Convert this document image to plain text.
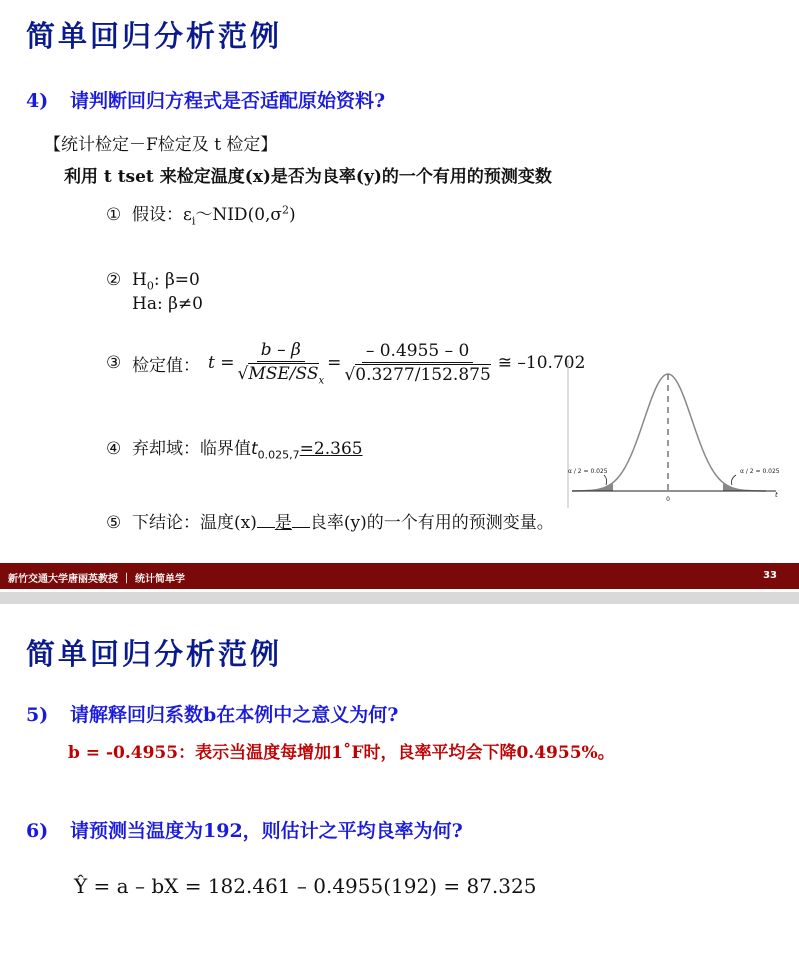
简单回归分析范例
4) 请判断回归方程式是否适配原始资料?
【统计检定－F检定及 t 检定】
利用 t tset 来检定温度(x)是否为良率(y)的一个有用的预测变数
① 假设：$\varepsilon_i\sim NID(0,\sigma^2)$
② $H_0$: β=0
Ha: β≠0
③ 检定值： $t = \frac{b - \beta}{√MSE/SS_x} = \frac{- 0.4955 - 0}{√0.3277/152.875}$ ≅ –10.702
④ 弃却域：临界值$t_{0.025,7}=2.365$
⑤ 下结论：温度(x) 是 良率(y)的一个有用的预测变量。
0
t
α / 2 = 0.025	α / 2 = 0.025
新竹交通大学唐丽英教授 ｜ 统计简单学	33
简单回归分析范例
5) 请解释回归系数b在本例中之意义为何?
b = -0.4955：表示当温度每增加1˚F时，良率平均会下降0.4955%。
6) 请预测当温度为192，则估计之平均良率为何?
Ŷ = a – bX = 182.461 – 0.4955(192) = 87.325
